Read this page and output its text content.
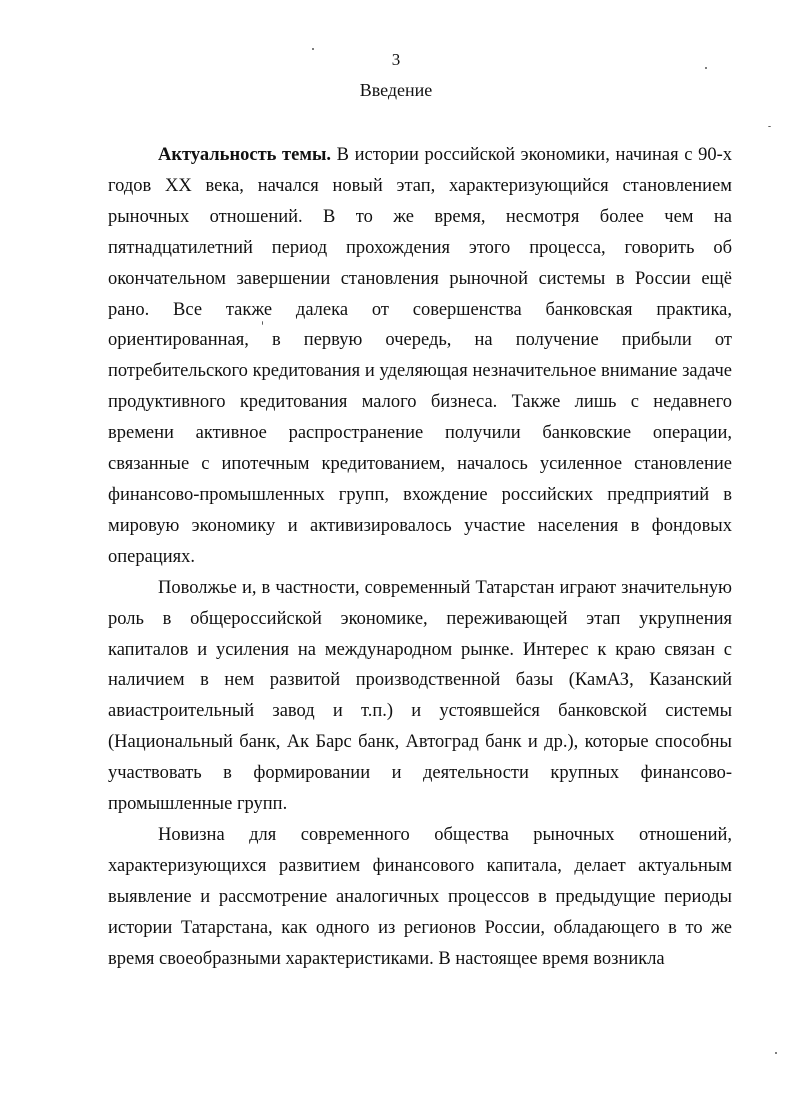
3
Введение

Актуальность темы. В истории российской экономики, начиная с 90-х годов XX века, начался новый этап, характеризующийся становлением рыночных отношений. В то же время, несмотря более чем на пятнадцатилетний период прохождения этого процесса, говорить об окончательном завершении становления рыночной системы в России ещё рано. Все также далека от совершенства банковская практика, ориентированная, в первую очередь, на получение прибыли от потребительского кредитования и уделяющая незначительное внимание задаче продуктивного кредитования малого бизнеса. Также лишь с недавнего времени активное распространение получили банковские операции, связанные с ипотечным кредитованием, началось усиленное становление финансово-промышленных групп, вхождение российских предприятий в мировую экономику и активизировалось участие населения в фондовых операциях.

Поволжье и, в частности, современный Татарстан играют значительную роль в общероссийской экономике, переживающей этап укрупнения капиталов и усиления на международном рынке. Интерес к краю связан с наличием в нем развитой производственной базы (КамАЗ, Казанский авиастроительный завод и т.п.) и устоявшейся банковской системы (Национальный банк, Ак Барс банк, Автоград банк и др.), которые способны участвовать в формировании и деятельности крупных финансово-промышленные групп.

Новизна для современного общества рыночных отношений, характеризующихся развитием финансового капитала, делает актуальным выявление и рассмотрение аналогичных процессов в предыдущие периоды истории Татарстана, как одного из регионов России, обладающего в то же время своеобразными характеристиками. В настоящее время возникла
